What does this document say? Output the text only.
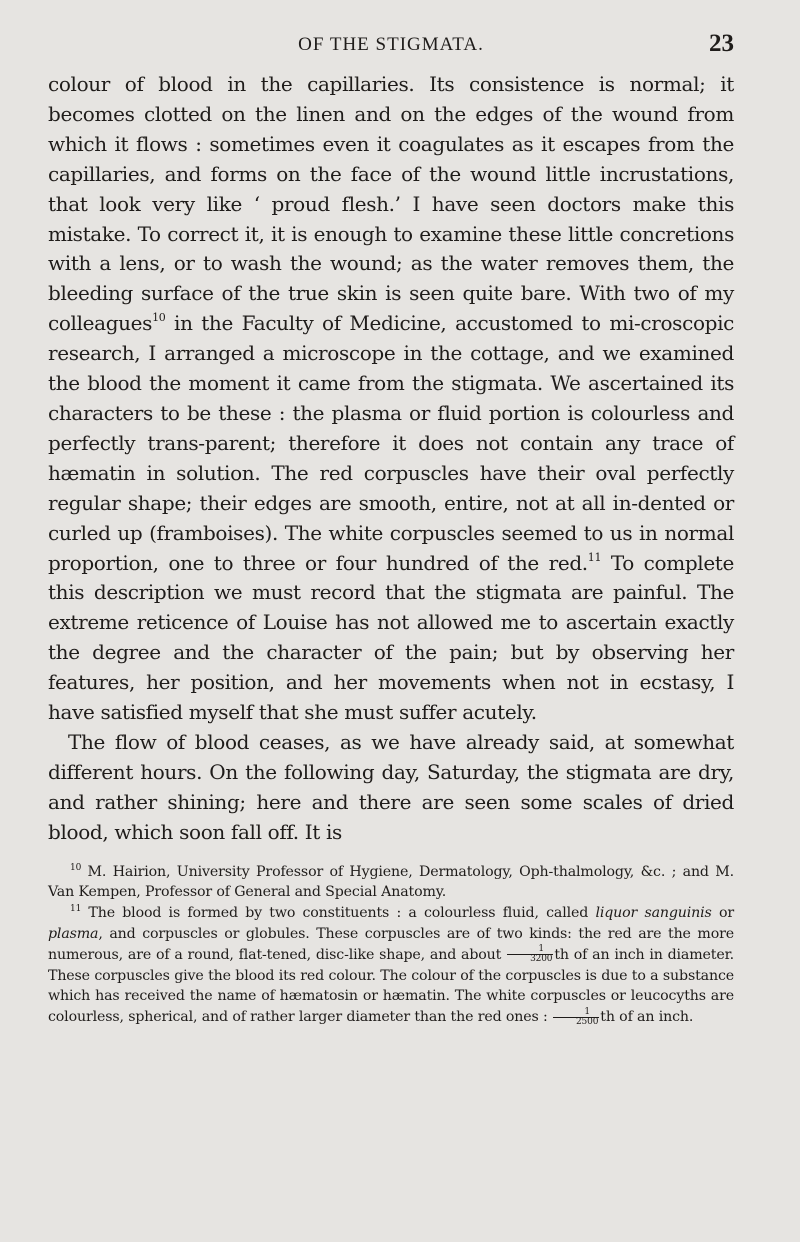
OF THE STIGMATA.	23

colour of blood in the capillaries. Its consistence is normal; it becomes clotted on the linen and on the edges of the wound from which it flows : sometimes even it coagulates as it escapes from the capillaries, and forms on the face of the wound little incrustations, that look very like ‘ proud flesh.’ I have seen doctors make this mistake. To correct it, it is enough to examine these little concretions with a lens, or to wash the wound; as the water removes them, the bleeding surface of the true skin is seen quite bare. With two of my colleagues$^{10}$ in the Faculty of Medicine, accustomed to mi-croscopic research, I arranged a microscope in the cottage, and we examined the blood the moment it came from the stigmata. We ascertained its characters to be these : the plasma or fluid portion is colourless and perfectly trans-parent; therefore it does not contain any trace of hæmatin in solution. The red corpuscles have their oval perfectly regular shape; their edges are smooth, entire, not at all in-dented or curled up (framboises). The white corpuscles seemed to us in normal proportion, one to three or four hundred of the red.$^{11}$ To complete this description we must record that the stigmata are painful. The extreme reticence of Louise has not allowed me to ascertain exactly the degree and the character of the pain; but by observing her features, her position, and her movements when not in ecstasy, I have satisfied myself that she must suffer acutely.

The flow of blood ceases, as we have already said, at somewhat different hours. On the following day, Saturday, the stigmata are dry, and rather shining; here and there are seen some scales of dried blood, which soon fall off. It is

$^{10}$ M. Hairion, University Professor of Hygiene, Dermatology, Oph-thalmology, &c. ; and M. Van Kempen, Professor of General and Special Anatomy.

$^{11}$ The blood is formed by two constituents : a colourless fluid, called liquor sanguinis or plasma, and corpuscles or globules. These corpuscles are of two kinds: the red are the more numerous, are of a round, flat-tened, disc-like shape, and about $\frac{1}{3200}$ th of an inch in diameter. These corpuscles give the blood its red colour. The colour of the corpuscles is due to a substance which has received the name of hæmatosin or hæmatin. The white corpuscles or leucocyths are colourless, spherical, and of rather larger diameter than the red ones : $\frac{1}{2500}$ th of an inch.
